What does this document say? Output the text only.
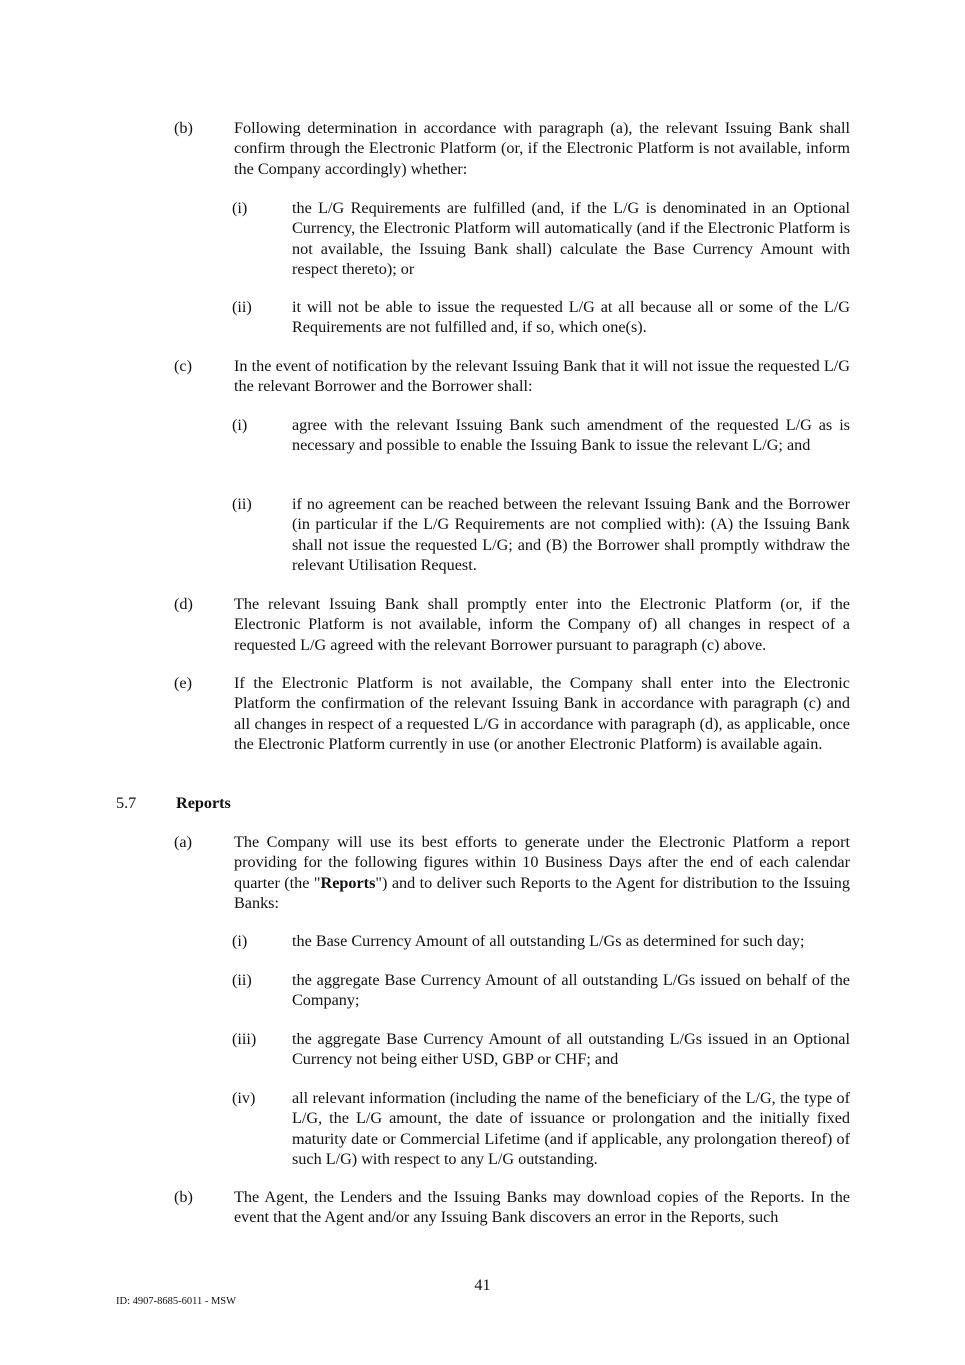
(b)	Following determination in accordance with paragraph (a), the relevant Issuing Bank shall confirm through the Electronic Platform (or, if the Electronic Platform is not available, inform the Company accordingly) whether:
(i)	the L/G Requirements are fulfilled (and, if the L/G is denominated in an Optional Currency, the Electronic Platform will automatically (and if the Electronic Platform is not available, the Issuing Bank shall) calculate the Base Currency Amount with respect thereto); or
(ii) it will not be able to issue the requested L/G at all because all or some of the L/G Requirements are not fulfilled and, if so, which one(s).
(c)	In the event of notification by the relevant Issuing Bank that it will not issue the requested L/G the relevant Borrower and the Borrower shall:
(i)	agree with the relevant Issuing Bank such amendment of the requested L/G as is necessary and possible to enable the Issuing Bank to issue the relevant L/G; and
(ii) if no agreement can be reached between the relevant Issuing Bank and the Borrower (in particular if the L/G Requirements are not complied with): (A) the Issuing Bank shall not issue the requested L/G; and (B) the Borrower shall promptly withdraw the relevant Utilisation Request.
(d)	The relevant Issuing Bank shall promptly enter into the Electronic Platform (or, if the Electronic Platform is not available, inform the Company of) all changes in respect of a requested L/G agreed with the relevant Borrower pursuant to paragraph (c) above.
(e)	If the Electronic Platform is not available, the Company shall enter into the Electronic Platform the confirmation of the relevant Issuing Bank in accordance with paragraph (c) and all changes in respect of a requested L/G in accordance with paragraph (d), as applicable, once the Electronic Platform currently in use (or another Electronic Platform) is available again.
5.7 Reports
(a)	The Company will use its best efforts to generate under the Electronic Platform a report providing for the following figures within 10 Business Days after the end of each calendar quarter (the "Reports") and to deliver such Reports to the Agent for distribution to the Issuing Banks:
(i)	the Base Currency Amount of all outstanding L/Gs as determined for such day;
(ii) the aggregate Base Currency Amount of all outstanding L/Gs issued on behalf of the Company;
(iii) the aggregate Base Currency Amount of all outstanding L/Gs issued in an Optional Currency not being either USD, GBP or CHF; and
(iv) all relevant information (including the name of the beneficiary of the L/G, the type of L/G, the L/G amount, the date of issuance or prolongation and the initially fixed maturity date or Commercial Lifetime (and if applicable, any prolongation thereof) of such L/G) with respect to any L/G outstanding.
(b)	The Agent, the Lenders and the Issuing Banks may download copies of the Reports. In the event that the Agent and/or any Issuing Bank discovers an error in the Reports, such
41
ID: 4907-8685-6011 - MSW
